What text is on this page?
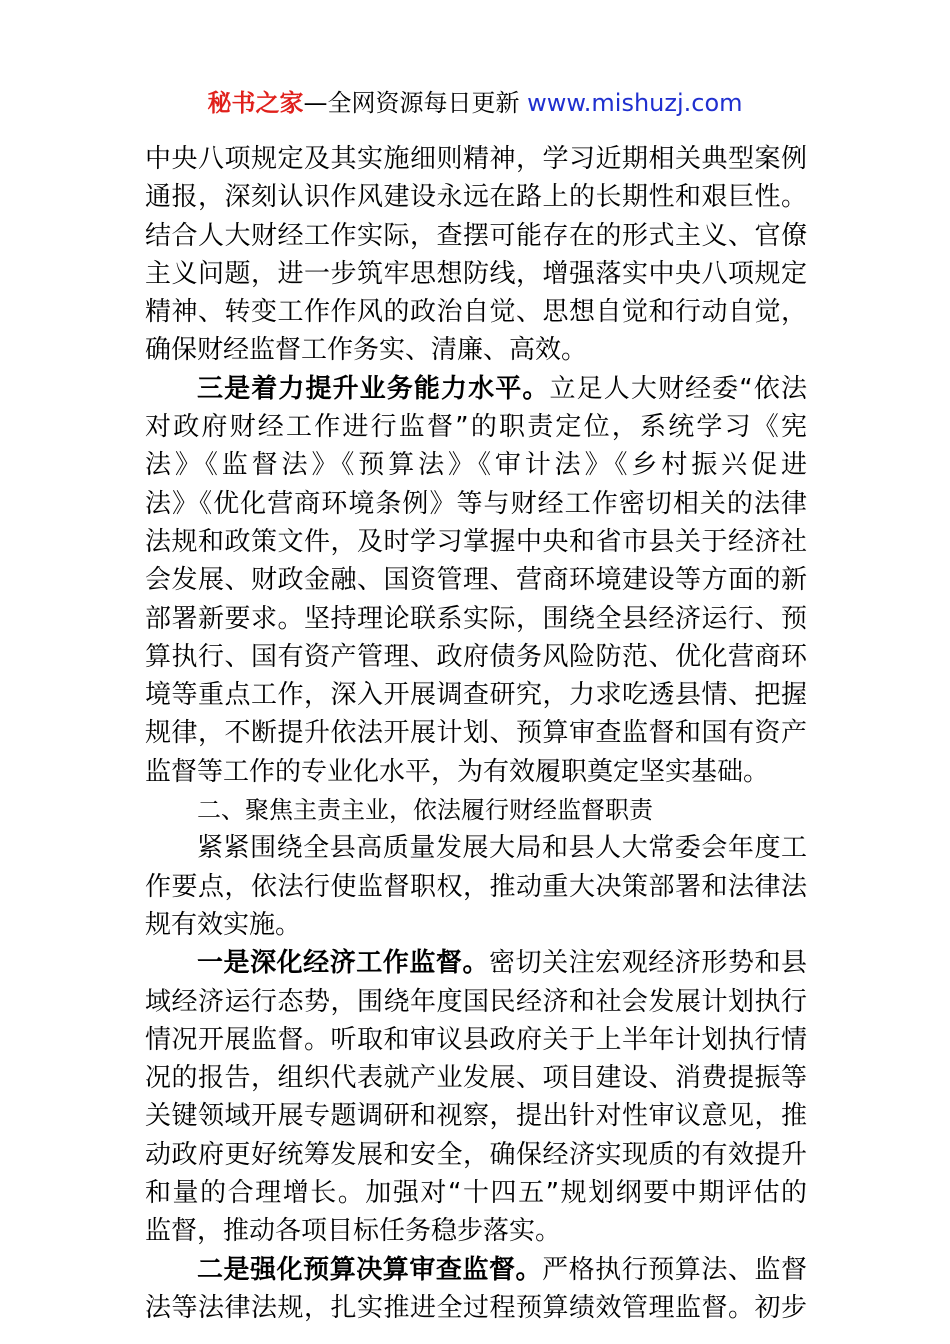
秘书之家—全网资源每日更新 www.mishuzj.com
中央八项规定及其实施细则精神，学习近期相关典型案例
通报，深刻认识作风建设永远在路上的长期性和艰巨性。
结合人大财经工作实际，查摆可能存在的形式主义、官僚
主义问题，进一步筑牢思想防线，增强落实中央八项规定
精神、转变工作作风的政治自觉、思想自觉和行动自觉，
确保财经监督工作务实、清廉、高效。
三是着力提升业务能力水平。立足人大财经委“依法
对政府财经工作进行监督”的职责定位，系统学习《宪
法》《监督法》《预算法》《审计法》《乡村振兴促进
法》《优化营商环境条例》等与财经工作密切相关的法律
法规和政策文件，及时学习掌握中央和省市县关于经济社
会发展、财政金融、国资管理、营商环境建设等方面的新
部署新要求。坚持理论联系实际，围绕全县经济运行、预
算执行、国有资产管理、政府债务风险防范、优化营商环
境等重点工作，深入开展调查研究，力求吃透县情、把握
规律，不断提升依法开展计划、预算审查监督和国有资产
监督等工作的专业化水平，为有效履职奠定坚实基础。
二、聚焦主责主业，依法履行财经监督职责
紧紧围绕全县高质量发展大局和县人大常委会年度工
作要点，依法行使监督职权，推动重大决策部署和法律法
规有效实施。
一是深化经济工作监督。密切关注宏观经济形势和县
域经济运行态势，围绕年度国民经济和社会发展计划执行
情况开展监督。听取和审议县政府关于上半年计划执行情
况的报告，组织代表就产业发展、项目建设、消费提振等
关键领域开展专题调研和视察，提出针对性审议意见，推
动政府更好统筹发展和安全，确保经济实现质的有效提升
和量的合理增长。加强对“十四五”规划纲要中期评估的
监督，推动各项目标任务稳步落实。
二是强化预算决算审查监督。严格执行预算法、监督
法等法律法规，扎实推进全过程预算绩效管理监督。初步
